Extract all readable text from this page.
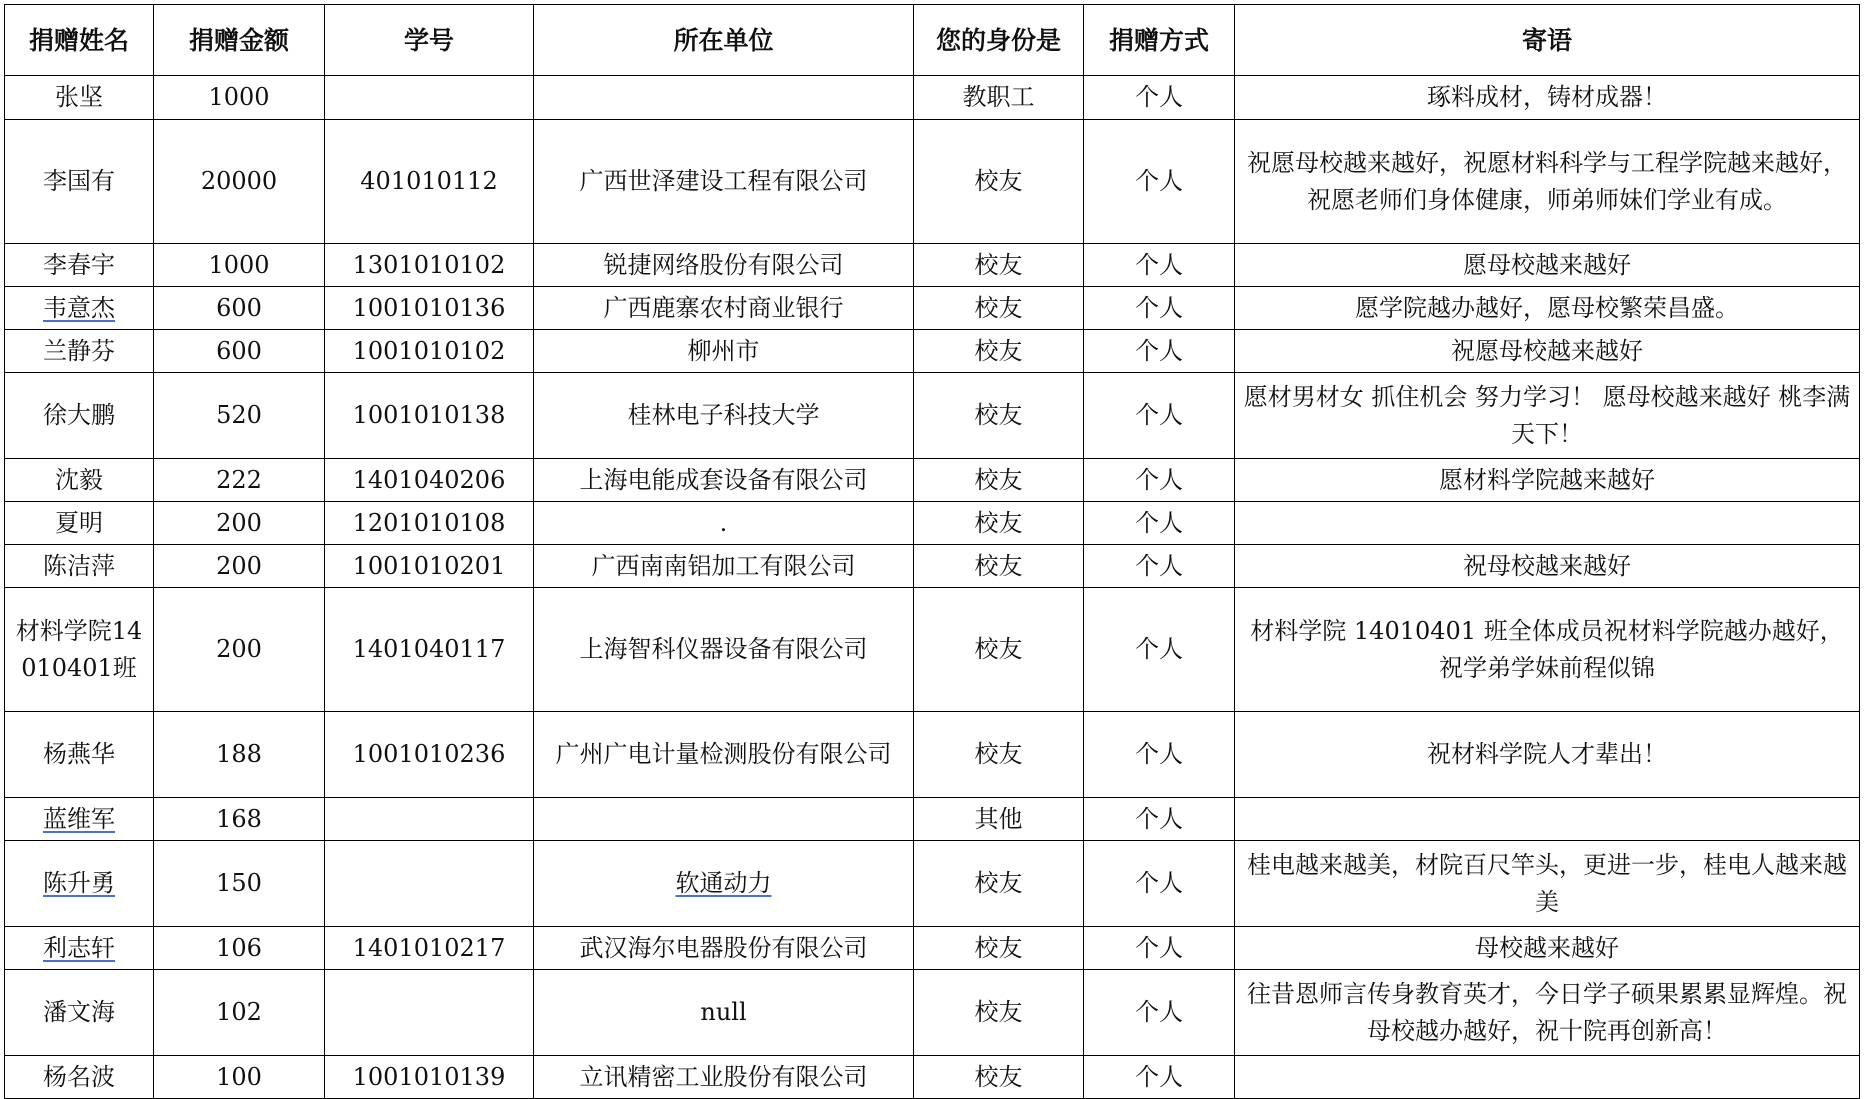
捐赠姓名	捐赠金额	学号	所在单位	您的身份是	捐赠方式	寄语
张坚	1000			教职工	个人	琢料成材，铸材成器！
李国有	20000	401010112	广西世泽建设工程有限公司	校友	个人	祝愿母校越来越好，祝愿材料科学与工程学院越来越好，祝愿老师们身体健康，师弟师妹们学业有成。
李春宇	1000	1301010102	锐捷网络股份有限公司	校友	个人	愿母校越来越好
韦意杰	600	1001010136	广西鹿寨农村商业银行	校友	个人	愿学院越办越好，愿母校繁荣昌盛。
兰静芬	600	1001010102	柳州市	校友	个人	祝愿母校越来越好
徐大鹏	520	1001010138	桂林电子科技大学	校友	个人	愿材男材女 抓住机会 努力学习！ 愿母校越来越好 桃李满天下！
沈毅	222	1401040206	上海电能成套设备有限公司	校友	个人	愿材料学院越来越好
夏明	200	1201010108	.	校友	个人	
陈洁萍	200	1001010201	广西南南铝加工有限公司	校友	个人	祝母校越来越好
材料学院14010401班	200	1401040117	上海智科仪器设备有限公司	校友	个人	材料学院 14010401 班全体成员祝材料学院越办越好，祝学弟学妹前程似锦
杨燕华	188	1001010236	广州广电计量检测股份有限公司	校友	个人	祝材料学院人才辈出！
蓝维军	168			其他	个人	
陈升勇	150		软通动力	校友	个人	桂电越来越美，材院百尺竿头，更进一步，桂电人越来越美
利志轩	106	1401010217	武汉海尔电器股份有限公司	校友	个人	母校越来越好
潘文海	102		null	校友	个人	往昔恩师言传身教育英才，今日学子硕果累累显辉煌。祝母校越办越好，祝十院再创新高！
杨名波	100	1001010139	立讯精密工业股份有限公司	校友	个人	
